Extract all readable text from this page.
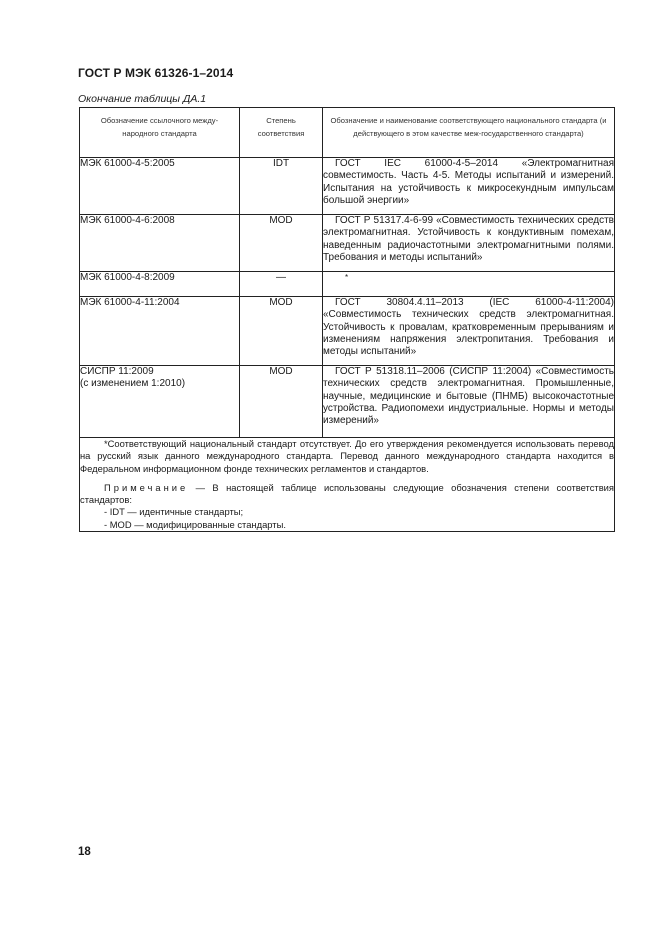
ГОСТ Р МЭК 61326-1–2014
Окончание таблицы ДА.1
Обозначение ссылочного между-народного стандарта	Степень соответствия	Обозначение и наименование соответствующего национального стандарта (и действующего в этом качестве меж-государственного стандарта)
МЭК 61000-4-5:2005	IDT	ГОСТ IEC 61000-4-5–2014 «Электромагнитная совместимость. Часть 4-5. Методы испытаний и измерений. Испытания на устойчивость к микросекундным импульсам большой энергии»

МЭК 61000-4-6:2008	MOD	ГОСТ Р 51317.4-6-99 «Совместимость технических средств электромагнитная. Устойчивость к кондуктивным помехам, наведенным радиочастотными электромагнитными полями. Требования и методы испытаний»

МЭК 61000-4-8:2009	—	*
МЭК 61000-4-11:2004	MOD	ГОСТ 30804.4.11–2013 (IEC 61000-4-11:2004) «Совместимость технических средств электромагнитная. Устойчивость к провалам, кратковременным прерываниям и изменениям напряжения электропитания. Требования и методы испытаний»

СИСПР 11:2009
(с изменением 1:2010)	MOD	ГОСТ Р 51318.11–2006 (СИСПР 11:2004) «Совместимость технических средств электромагнитная. Промышленные, научные, медицинские и бытовые (ПНМБ) высокочастотные устройства. Радиопомехи индустриальные. Нормы и методы измерений»

*Соответствующий национальный стандарт отсутствует. До его утверждения рекомендуется использовать перевод на русский язык данного международного стандарта. Перевод данного международного стандарта находится в Федеральном информационном фонде технических регламентов и стандартов.

Примечание — В настоящей таблице использованы следующие обозначения степени соответствия стандартов:

- IDT — идентичные стандарты;

- MOD — модифицированные стандарты.		

18
